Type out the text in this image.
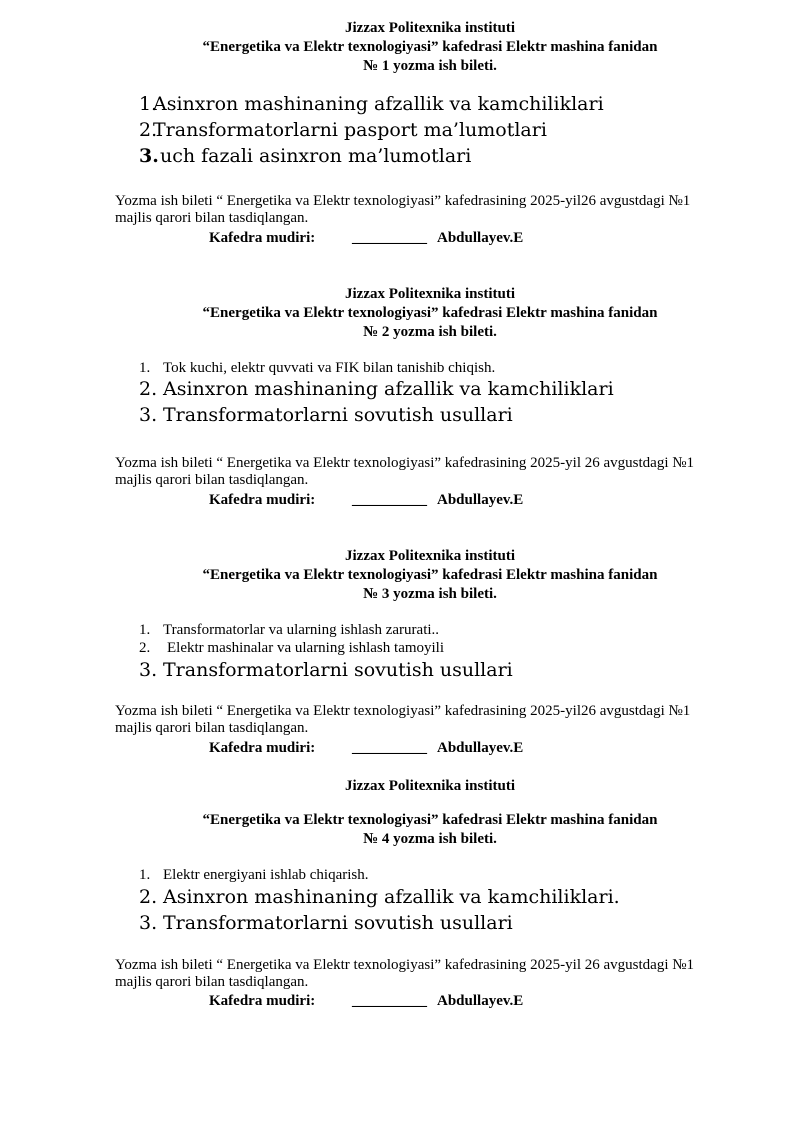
Jizzax Politexnika instituti
“Energetika va Elektr texnologiyasi” kafedrasi Elektr mashina fanidan
№ 1 yozma ish bileti.
1.
Asinxron mashinaning afzallik va kamchiliklari
2.
Transformatorlarni pasport ma’lumotlari
3. uch fazali asinxron ma’lumotlari
Yozma ish bileti “ Energetika va Elektr texnologiyasi” kafedrasining 2025-yil26 avgustdagi №1
majlis qarori bilan tasdiqlangan.
Kafedra mudiri: __________ Abdullayev.E
Jizzax Politexnika instituti
“Energetika va Elektr texnologiyasi” kafedrasi Elektr mashina fanidan
№ 2 yozma ish bileti.
1. Tok kuchi, elektr quvvati va FIK bilan tanishib chiqish.
2. Asinxron mashinaning afzallik va kamchiliklari
3. Transformatorlarni sovutish usullari
Yozma ish bileti “ Energetika va Elektr texnologiyasi” kafedrasining 2025-yil 26 avgustdagi №1
majlis qarori bilan tasdiqlangan.
Kafedra mudiri: __________ Abdullayev.E
Jizzax Politexnika instituti
“Energetika va Elektr texnologiyasi” kafedrasi Elektr mashina fanidan
№ 3 yozma ish bileti.
1. Transformatorlar va ularning ishlash zarurati..
2. Elektr mashinalar va ularning ishlash tamoyili
3. Transformatorlarni sovutish usullari
Yozma ish bileti “ Energetika va Elektr texnologiyasi” kafedrasining 2025-yil26 avgustdagi №1
majlis qarori bilan tasdiqlangan.
Kafedra mudiri: __________ Abdullayev.E
Jizzax Politexnika instituti
“Energetika va Elektr texnologiyasi” kafedrasi Elektr mashina fanidan
№ 4 yozma ish bileti.
1. Elektr energiyani ishlab chiqarish.
2. Asinxron mashinaning afzallik va kamchiliklari.
3. Transformatorlarni sovutish usullari
Yozma ish bileti “ Energetika va Elektr texnologiyasi” kafedrasining 2025-yil 26 avgustdagi №1
majlis qarori bilan tasdiqlangan.
Kafedra mudiri: __________ Abdullayev.E
